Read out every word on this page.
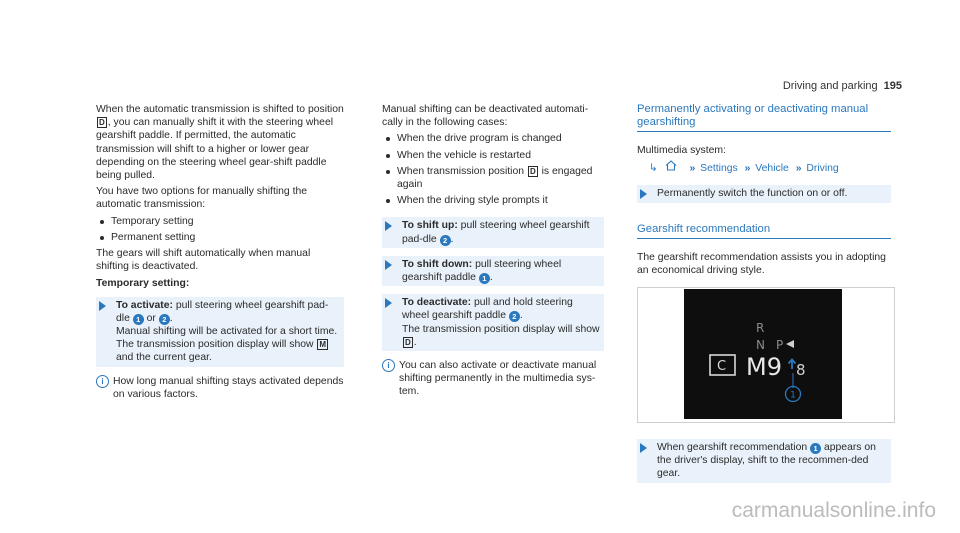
Driving and parking 195

When the automatic transmission is shifted to position D , you can manually shift it with the steering wheel gearshift paddle. If permitted, the automatic transmission will shift to a higher or lower gear depending on the steering wheel gear-shift paddle being pulled.

You have two options for manually shifting the automatic transmission:

Temporary setting
Permanent setting

The gears will shift automatically when manual shifting is deactivated.

Temporary setting:
To activate: pull steering wheel gearshift pad-dle 1 or 2 .
Manual shifting will be activated for a short time. The transmission position display will show M and the current gear.
i How long manual shifting stays activated depends on various factors.

Manual shifting can be deactivated automati-cally in the following cases:

When the drive program is changed
When the vehicle is restarted
When transmission position D is engaged again
When the driving style prompts it
To shift up: pull steering wheel gearshift pad-dle 2 .
To shift down: pull steering wheel gearshift paddle 1 .
To deactivate: pull and hold steering wheel gearshift paddle 2 .
The transmission position display will show
D .
i You can also activate or deactivate manual shifting permanently in the multimedia sys-tem.
Permanently activating or deactivating manual gearshifting

Multimedia system:

↳	» Settings » Vehicle » Driving
Permanently switch the function on or off.
Gearshift recommendation

The gearshift recommendation assists you in adopting an economical driving style.

R
N P
C M9 8
1
When gearshift recommendation 1 appears on the driver's display, shift to the recommen-ded gear.
carmanualsonline.info
